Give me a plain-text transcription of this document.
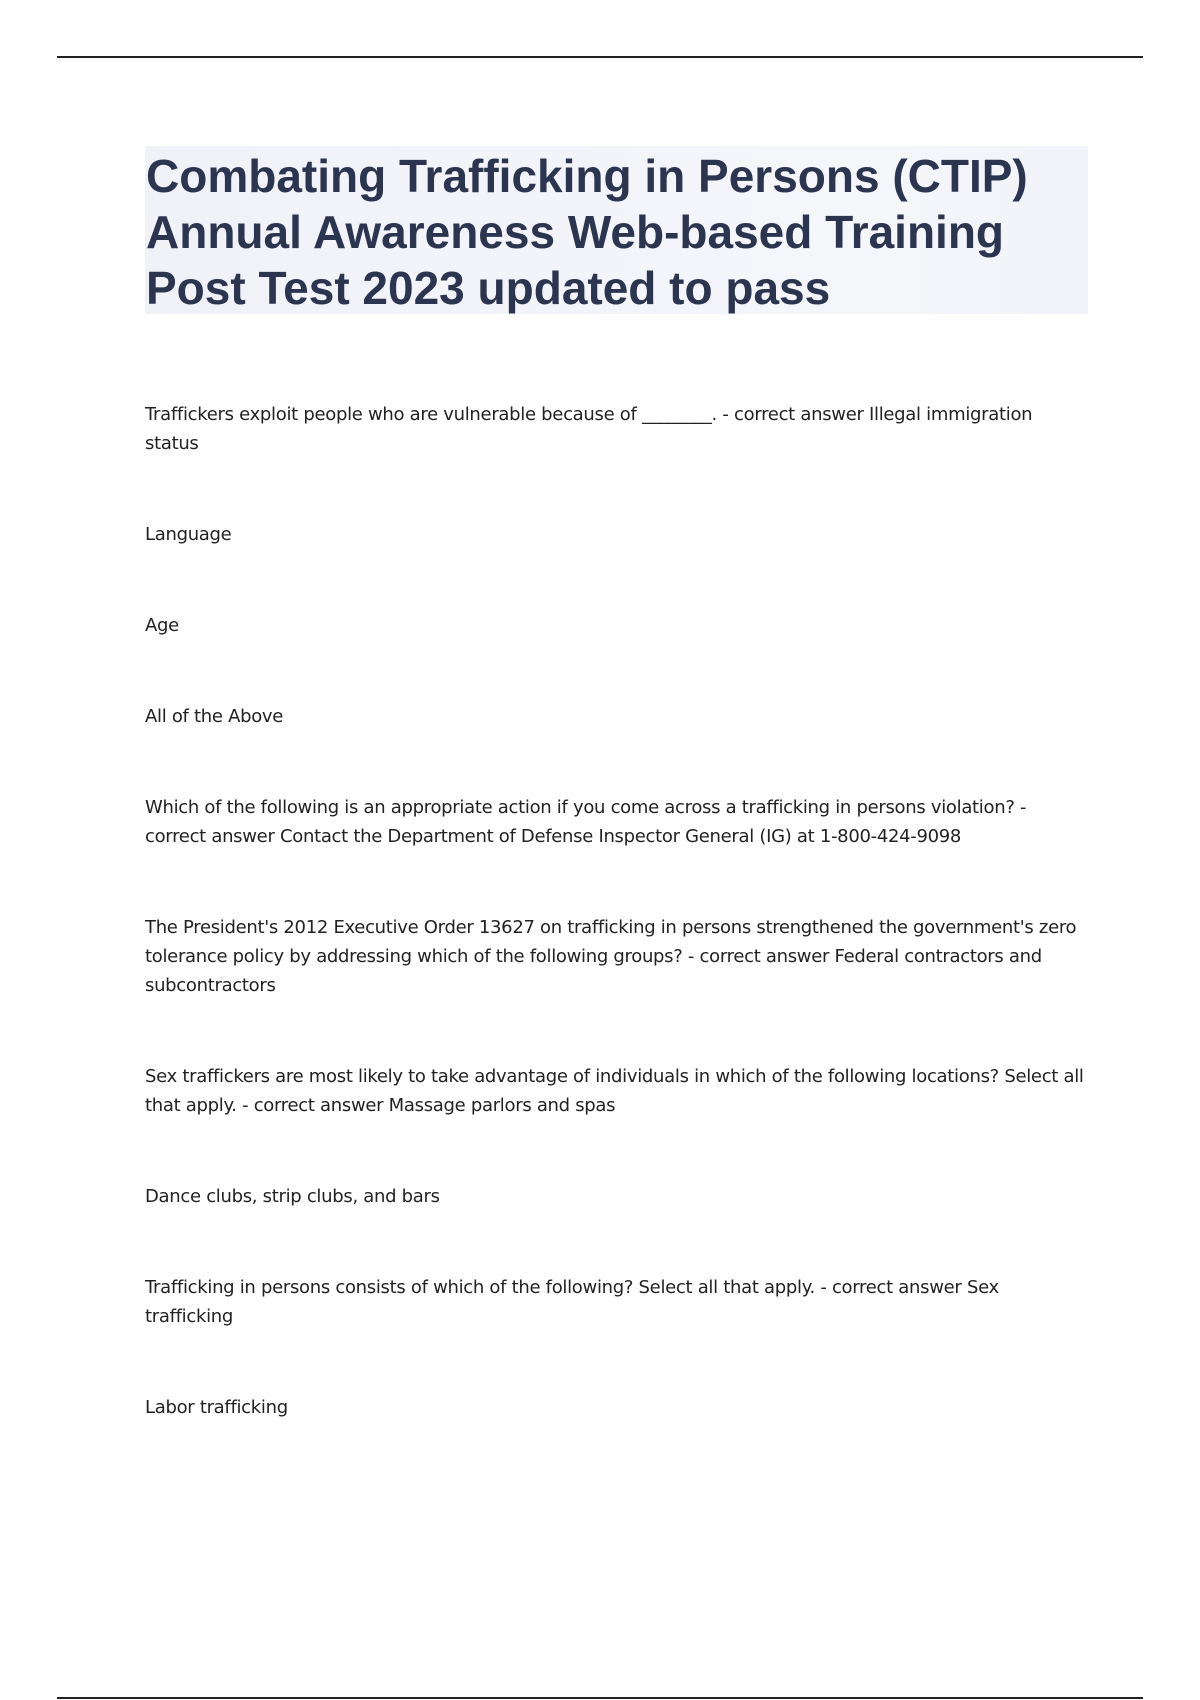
Combating Trafficking in Persons (CTIP) Annual Awareness Web-based Training Post Test 2023 updated to pass

Traffickers exploit people who are vulnerable because of ________. - correct answer Illegal immigration status

Language

Age

All of the Above

Which of the following is an appropriate action if you come across a trafficking in persons violation? - correct answer Contact the Department of Defense Inspector General (IG) at 1-800-424-9098

The President's 2012 Executive Order 13627 on trafficking in persons strengthened the government's zero tolerance policy by addressing which of the following groups? - correct answer Federal contractors and subcontractors

Sex traffickers are most likely to take advantage of individuals in which of the following locations? Select all that apply. - correct answer Massage parlors and spas

Dance clubs, strip clubs, and bars

Trafficking in persons consists of which of the following? Select all that apply. - correct answer Sex trafficking

Labor trafficking
